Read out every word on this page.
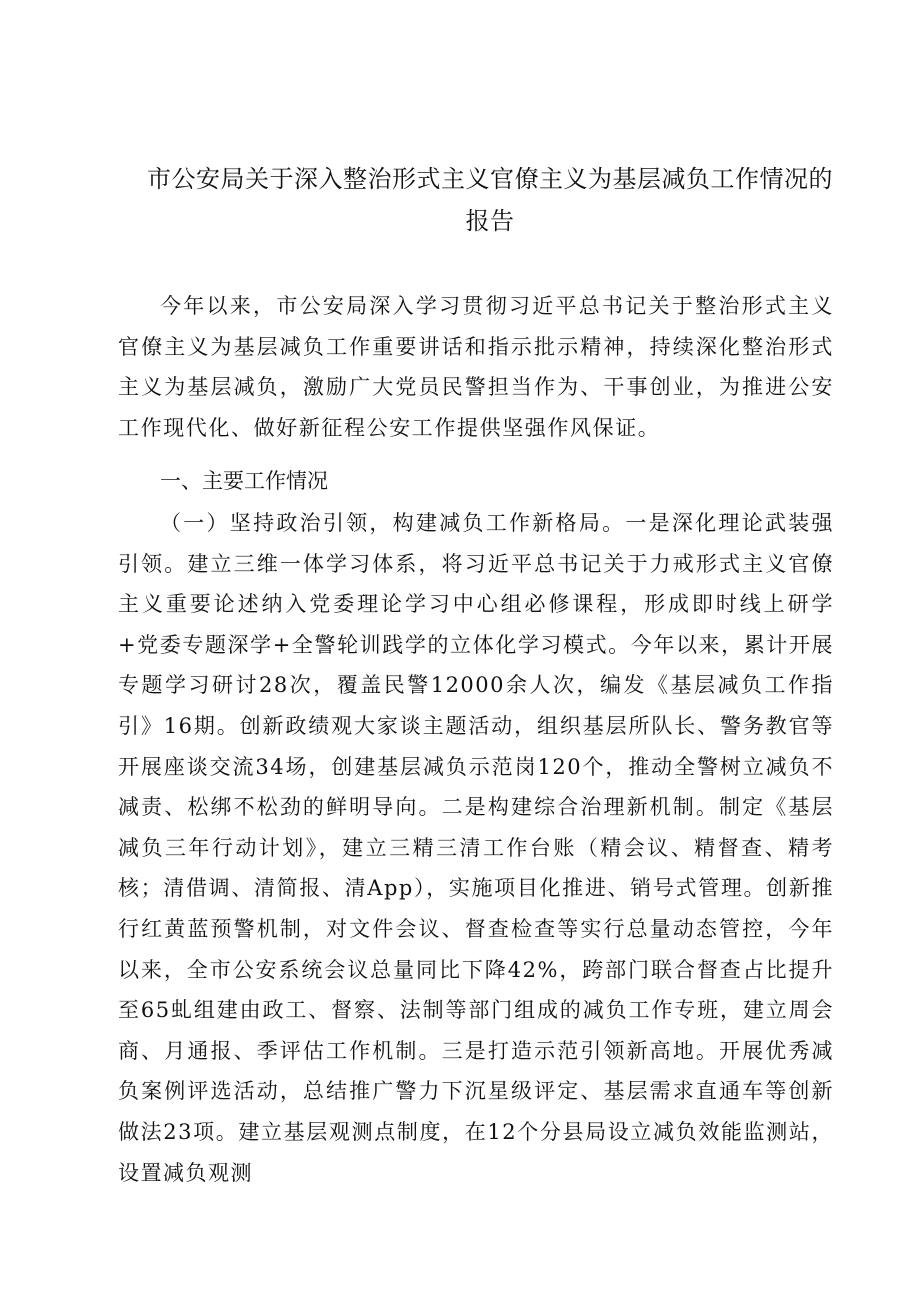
市公安局关于深入整治形式主义官僚主义为基层减负工作情况的
报告

今年以来，市公安局深入学习贯彻习近平总书记关于整治形式主义官僚主义为基层减负工作重要讲话和指示批示精神，持续深化整治形式主义为基层减负，激励广大党员民警担当作为、干事创业，为推进公安工作现代化、做好新征程公安工作提供坚强作风保证。

一、主要工作情况

（一）坚持政治引领，构建减负工作新格局。一是深化理论武装强引领。建立三维一体学习体系，将习近平总书记关于力戒形式主义官僚主义重要论述纳入党委理论学习中心组必修课程，形成即时线上研学+党委专题深学+全警轮训践学的立体化学习模式。今年以来，累计开展专题学习研讨28次，覆盖民警12000余人次，编发《基层减负工作指引》16期。创新政绩观大家谈主题活动，组织基层所队长、警务教官等开展座谈交流34场，创建基层减负示范岗120个，推动全警树立减负不减责、松绑不松劲的鲜明导向。二是构建综合治理新机制。制定《基层减负三年行动计划》，建立三精三清工作台账（精会议、精督查、精考核；清借调、清简报、清App），实施项目化推进、销号式管理。创新推行红黄蓝预警机制，对文件会议、督查检查等实行总量动态管控，今年以来，全市公安系统会议总量同比下降42%，跨部门联合督查占比提升至65虬组建由政工、督察、法制等部门组成的减负工作专班，建立周会商、月通报、季评估工作机制。三是打造示范引领新高地。开展优秀减负案例评选活动，总结推广警力下沉星级评定、基层需求直通车等创新做法23项。建立基层观测点制度，在12个分县局设立减负效能监测站，设置减负观测
